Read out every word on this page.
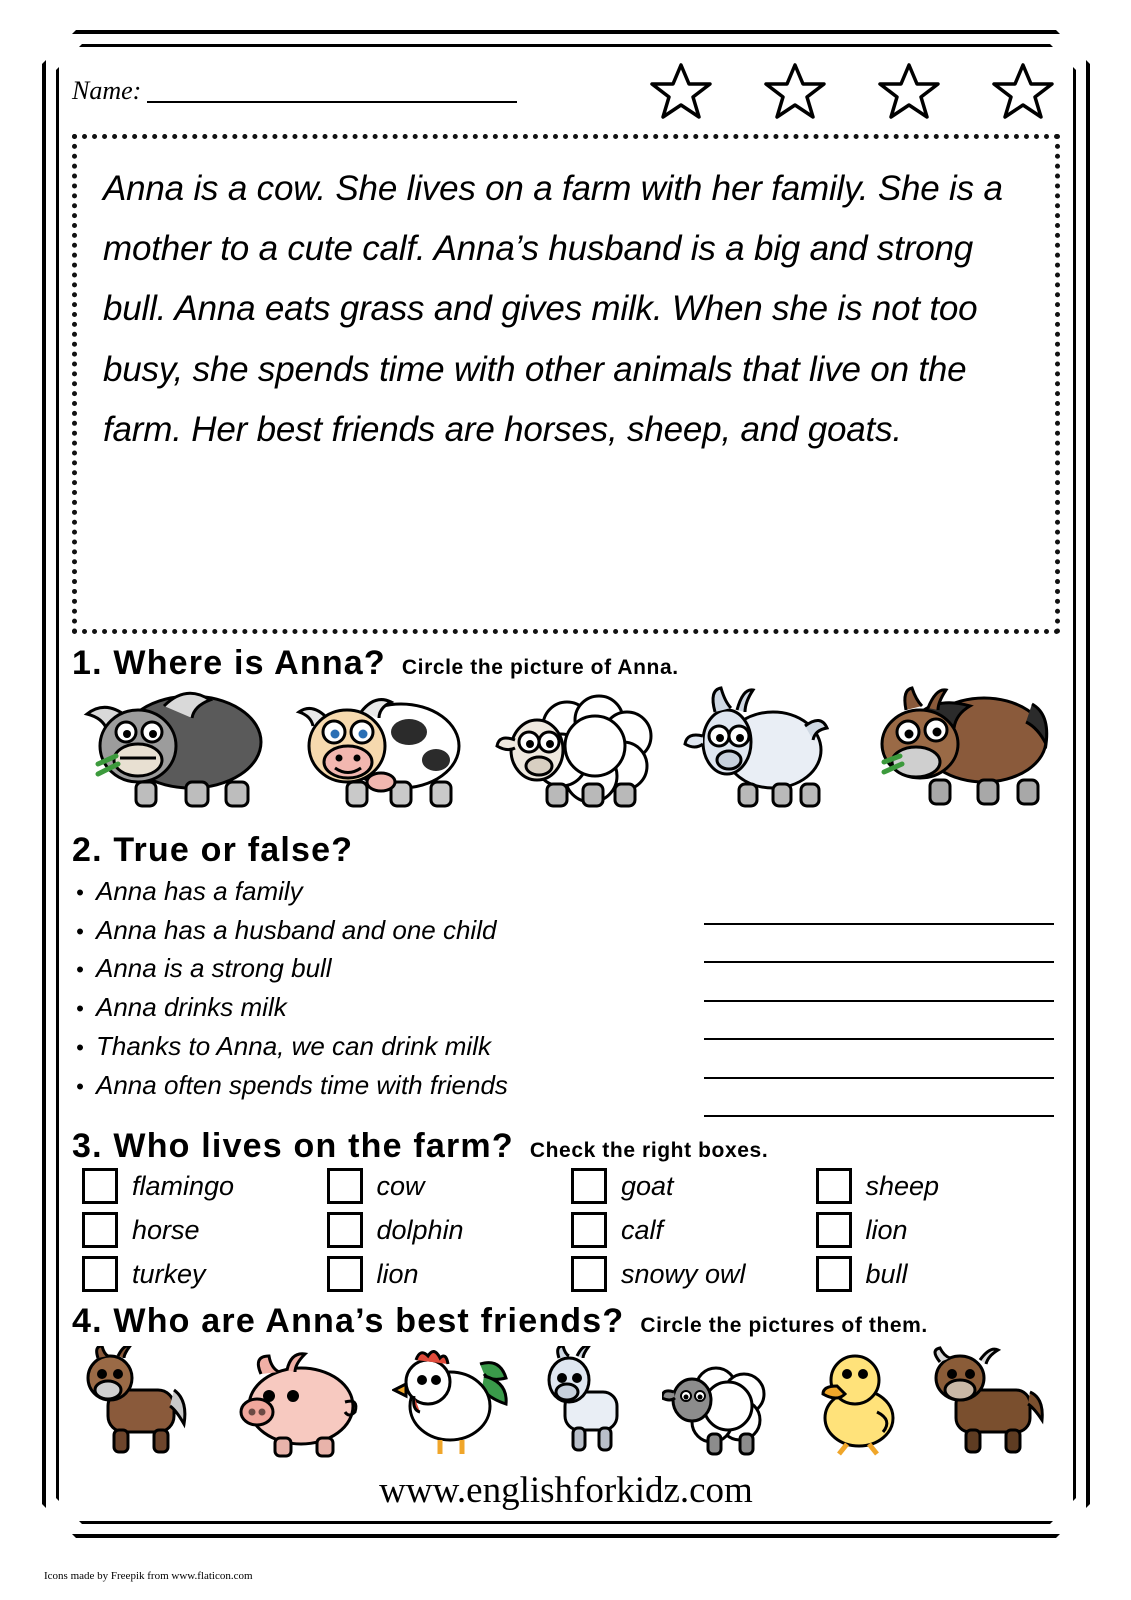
Name:
Anna is a cow. She lives on a farm with her family. She is a mother to a cute calf. Anna’s husband is a big and strong bull. Anna eats grass and gives milk. When she is not too busy, she spends time with other animals that live on the farm. Her best friends are horses, sheep, and goats.
1. Where is Anna? Circle the picture of Anna.
2. True or false?
• Anna has a family
• Anna has a husband and one child
• Anna is a strong bull
• Anna drinks milk
• Thanks to Anna, we can drink milk
• Anna often spends time with friends
3. Who lives on the farm? Check the right boxes.
flamingo	cow	goat	sheep
horse	dolphin	calf	lion
turkey	lion	snowy owl	bull
4. Who are Anna’s best friends? Circle the pictures of them.
www.englishforkidz.com
Icons made by Freepik from www.flaticon.com
